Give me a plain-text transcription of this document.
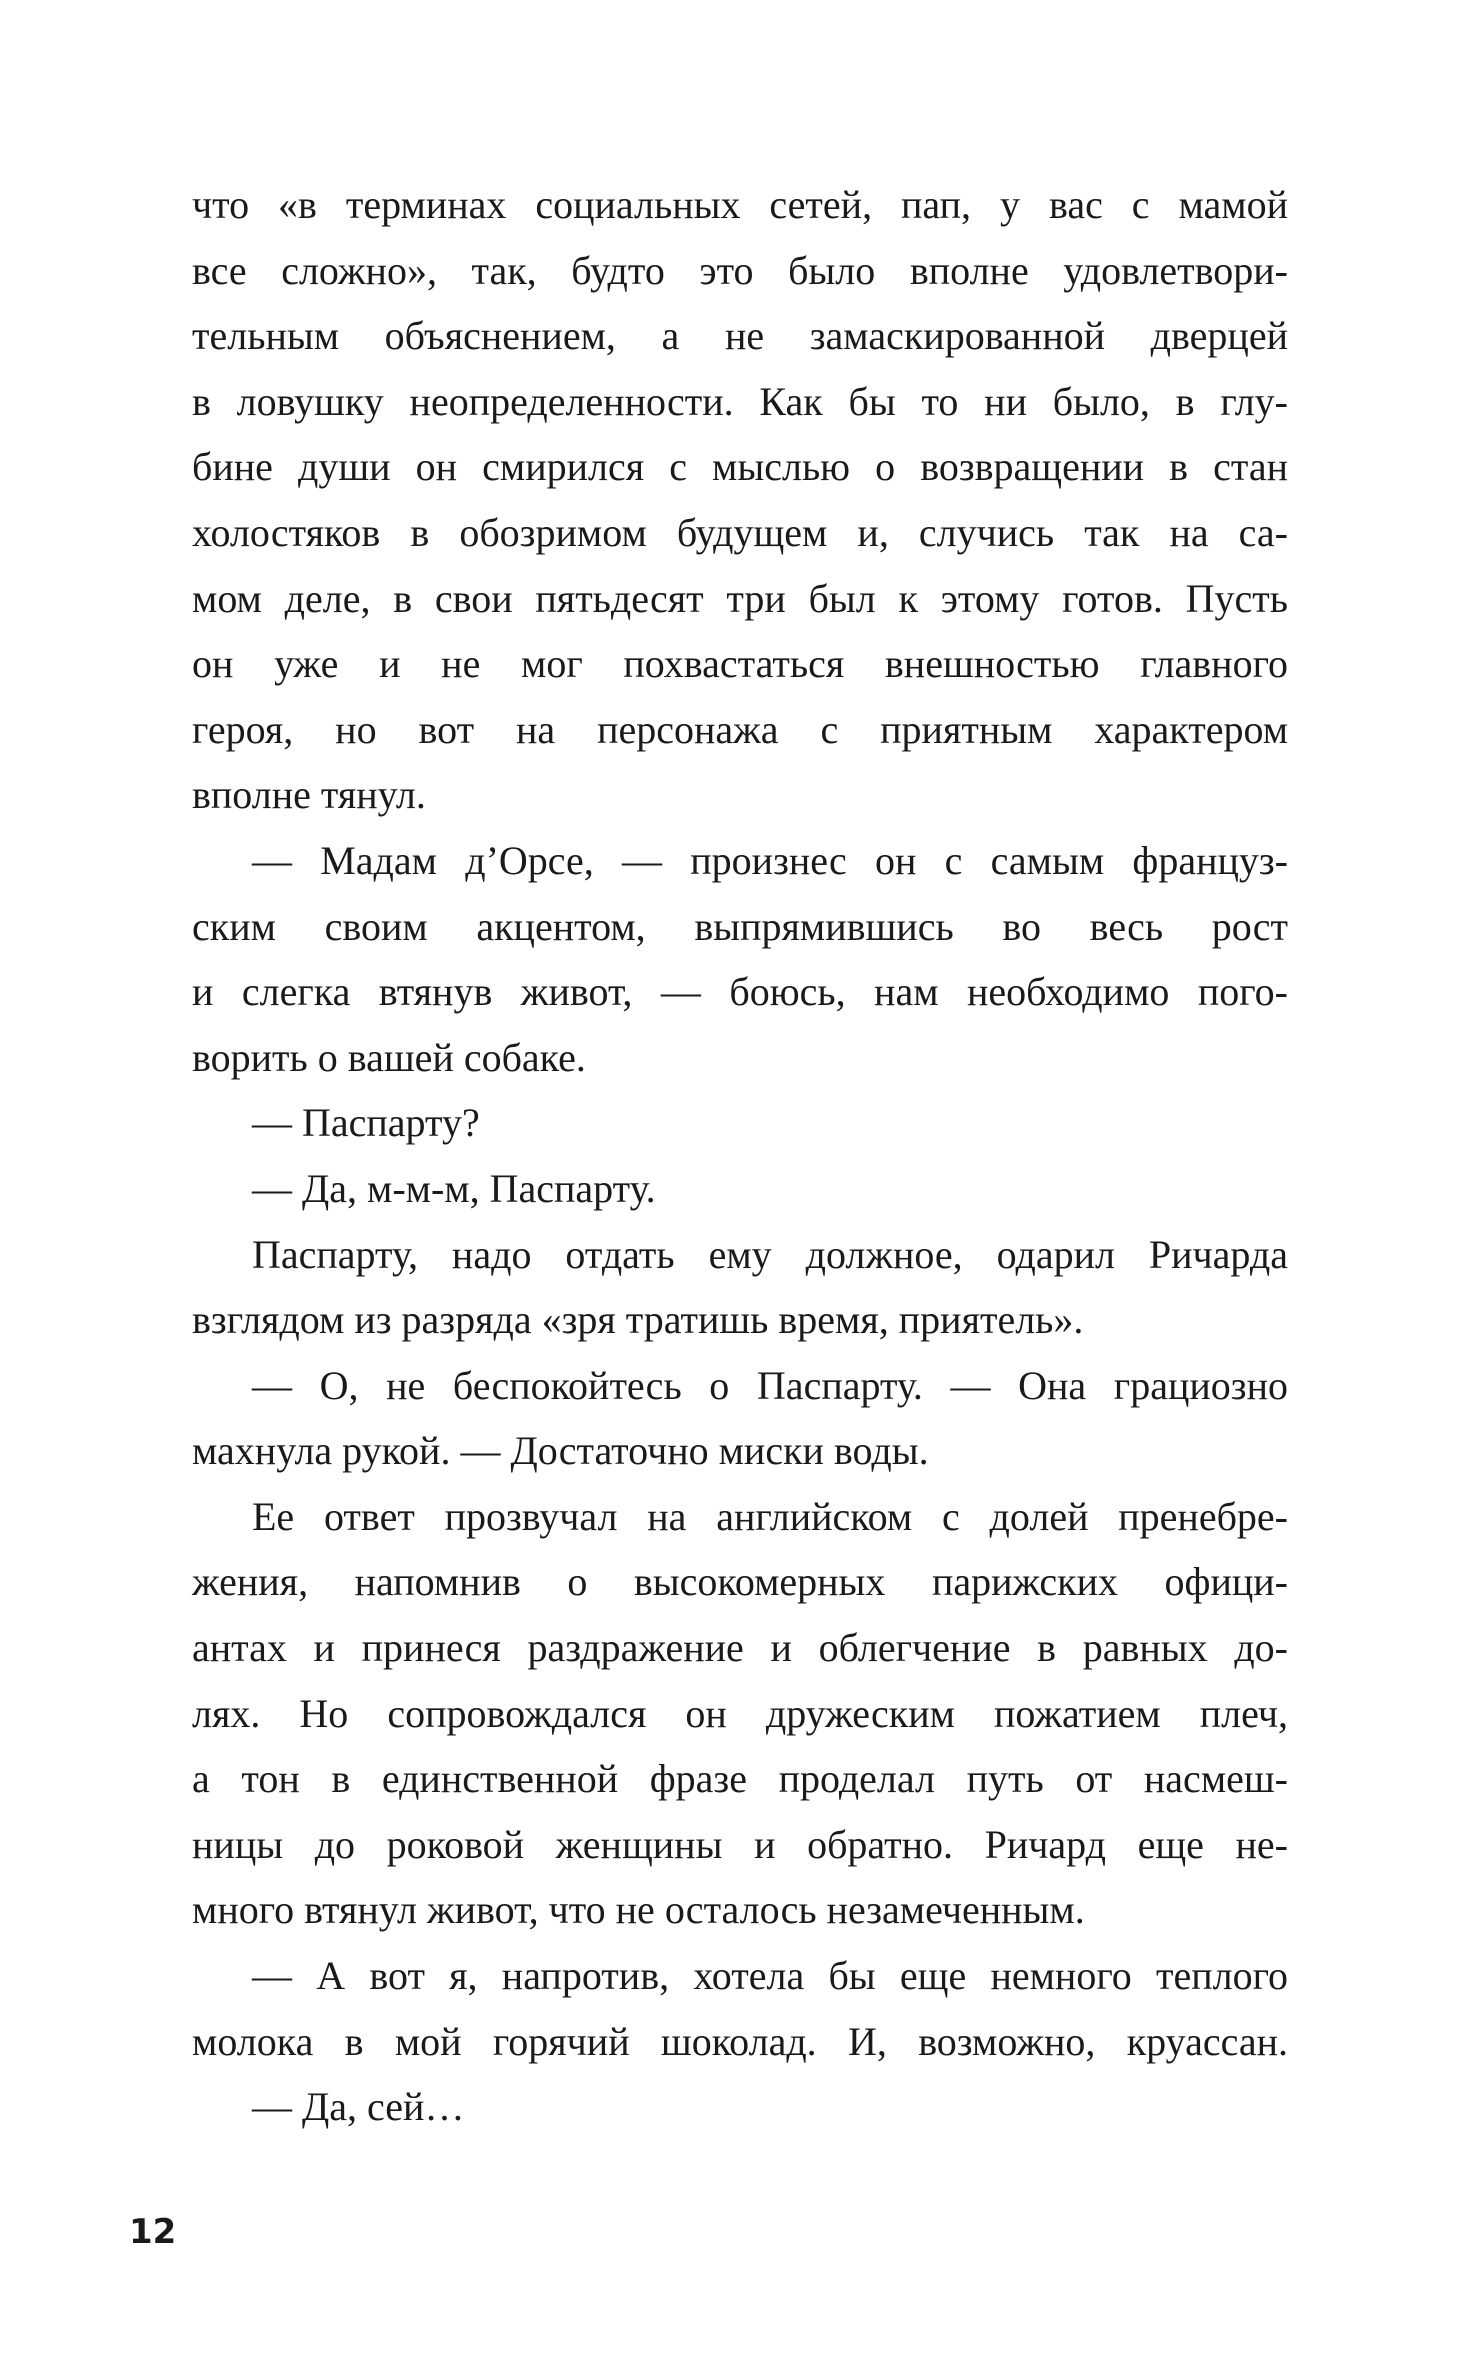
что «в терминах социальных сетей, пап, у вас с мамой
все сложно», так, будто это было вполне удовлетвори-
тельным объяснением, а не замаскированной дверцей
в ловушку неопределенности. Как бы то ни было, в глу-
бине души он смирился с мыслью о возвращении в стан
холостяков в обозримом будущем и, случись так на са-
мом деле, в свои пятьдесят три был к этому готов. Пусть
он уже и не мог похвастаться внешностью главного
героя, но вот на персонажа с приятным характером
вполне тянул.
— Мадам д’Орсе, — произнес он с самым француз-
ским своим акцентом, выпрямившись во весь рост
и слегка втянув живот, — боюсь, нам необходимо пого-
ворить о вашей собаке.
— Паспарту?
— Да, м-м-м, Паспарту.
Паспарту, надо отдать ему должное, одарил Ричарда
взглядом из разряда «зря тратишь время, приятель».
— О, не беспокойтесь о Паспарту. — Она грациозно
махнула рукой. — Достаточно миски воды.
Ее ответ прозвучал на английском с долей пренебре-
жения, напомнив о высокомерных парижских офици-
антах и принеся раздражение и облегчение в равных до-
лях. Но сопровождался он дружеским пожатием плеч,
а тон в единственной фразе проделал путь от насмеш-
ницы до роковой женщины и обратно. Ричард еще не-
много втянул живот, что не осталось незамеченным.
— А вот я, напротив, хотела бы еще немного теплого
молока в мой горячий шоколад. И, возможно, круассан.
— Да, сей…
12
